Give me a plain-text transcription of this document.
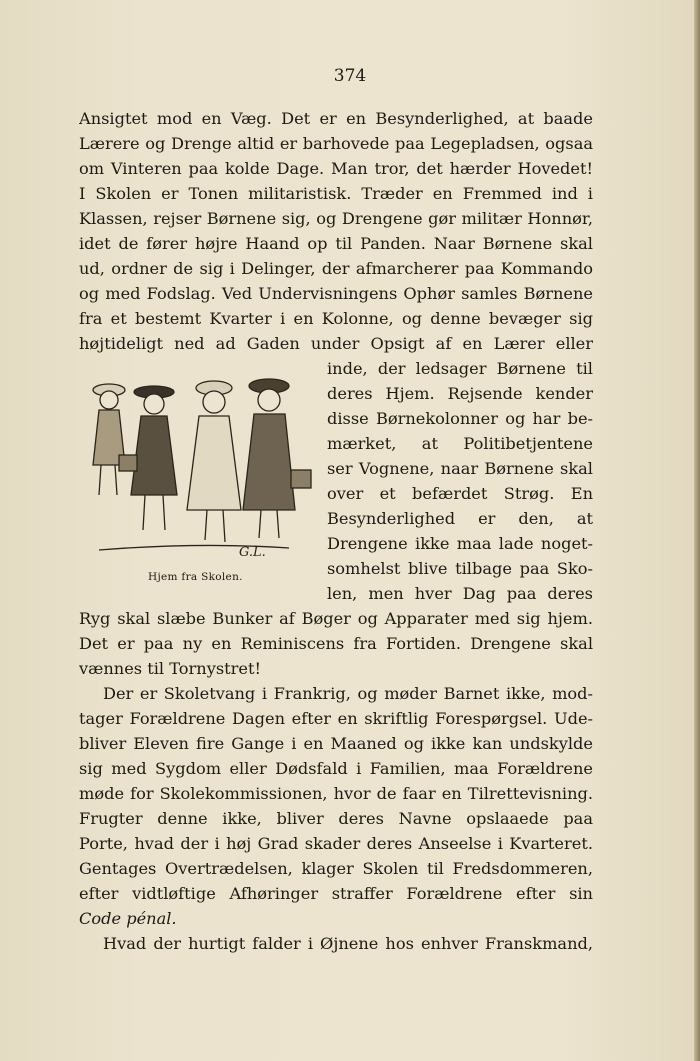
374
Ansigtet mod en Væg. Det er en Besynderlighed, at baade
Lærere og Drenge altid er barhovede paa Legepladsen, ogsaa
om Vinteren paa kolde Dage. Man tror, det hærder Hovedet!
I Skolen er Tonen militaristisk. Træder en Fremmed ind i
Klassen, rejser Børnene sig, og Drengene gør militær Honnør,
idet de fører højre Haand op til Panden. Naar Børnene skal
ud, ordner de sig i Delinger, der afmarcherer paa Kommando
og med Fodslag. Ved Undervisningens Ophør samles Børnene
fra et bestemt Kvarter i en Kolonne, og denne bevæger sig
højtideligt ned ad Gaden under Opsigt af en Lærer eller
G.L.
Hjem fra Skolen.
inde, der ledsager Børnene til
deres Hjem. Rejsende kender
disse Børnekolonner og har be-
mærket, at Politibetjentene
ser Vognene, naar Børnene skal
over et befærdet Strøg. En
Besynderlighed er den, at
Drengene ikke maa lade noget-
somhelst blive tilbage paa Sko-
len, men hver Dag paa deres
Ryg skal slæbe Bunker af Bøger og Apparater med sig hjem.
Det er paa ny en Reminiscens fra Fortiden. Drengene skal
vænnes til Tornystret!
Der er Skoletvang i Frankrig, og møder Barnet ikke, mod-
tager Forældrene Dagen efter en skriftlig Forespørgsel. Ude-
bliver Eleven fire Gange i en Maaned og ikke kan undskylde
sig med Sygdom eller Dødsfald i Familien, maa Forældrene
møde for Skolekommissionen, hvor de faar en Tilrettevisning.
Frugter denne ikke, bliver deres Navne opslaaede paa
Porte, hvad der i høj Grad skader deres Anseelse i Kvarteret.
Gentages Overtrædelsen, klager Skolen til Fredsdommeren,
efter vidtløftige Afhøringer straffer Forældrene efter sin
Code pénal.
Hvad der hurtigt falder i Øjnene hos enhver Franskmand,
